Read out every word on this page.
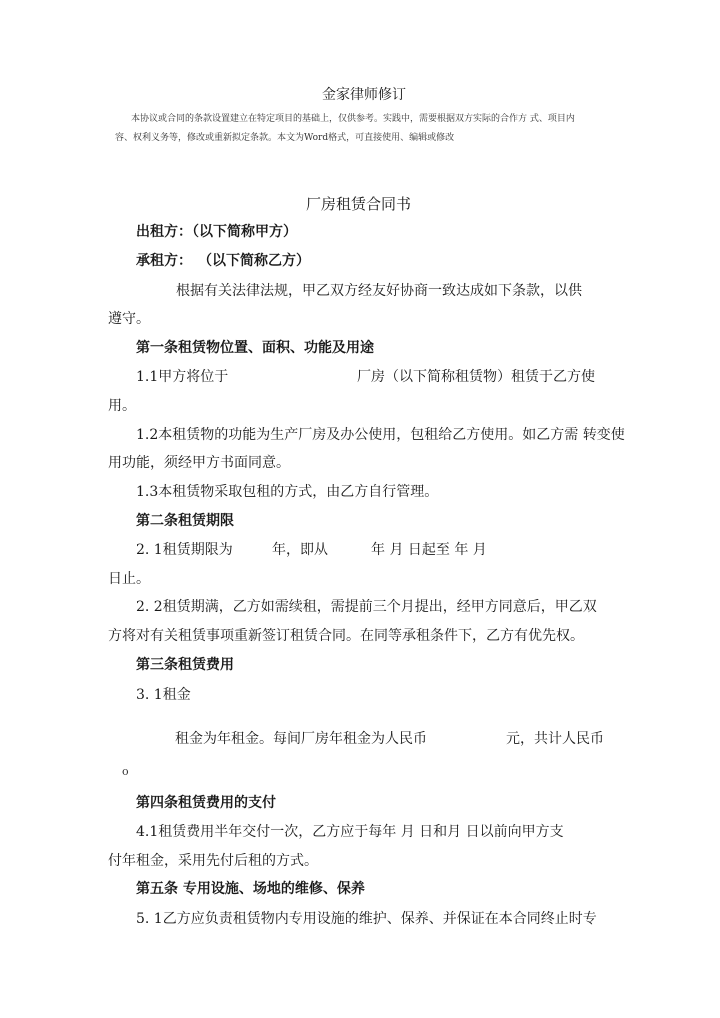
金家律师修订
本协议或合同的条款设置建立在特定项目的基础上，仅供参考。实践中，需要根据双方实际的合作方 式、项目内
容、权利义务等，修改或重新拟定条款。本文为Word格式，可直接使用、编辑或修改
厂房租赁合同书
出租方：（以下简称甲方）
承租方： （以下简称乙方）
根据有关法律法规，甲乙双方经友好协商一致达成如下条款，以供
遵守。
第一条租赁物位置、面积、功能及用途
1.1甲方将位于	厂房（以下简称租赁物）租赁于乙方使
用。
1.2本租赁物的功能为生产厂房及办公使用，包租给乙方使用。如乙方需 转变使
用功能，须经甲方书面同意。
1.3本租赁物采取包租的方式，由乙方自行管理。
第二条租赁期限
2. 1租赁期限为	年，即从	年 月 日起至 年 月
日止。
2. 2租赁期满，乙方如需续租，需提前三个月提出，经甲方同意后，甲乙双
方将对有关租赁事项重新签订租赁合同。在同等承租条件下，乙方有优先权。
第三条租赁费用
3. 1租金
租金为年租金。每间厂房年租金为人民币	元，共计人民币
o
第四条租赁费用的支付
4.1租赁费用半年交付一次，乙方应于每年 月 日和月 日以前向甲方支
付年租金，采用先付后租的方式。
第五条 专用设施、场地的维修、保养
5. 1乙方应负责租赁物内专用设施的维护、保养、并保证在本合同终止时专
